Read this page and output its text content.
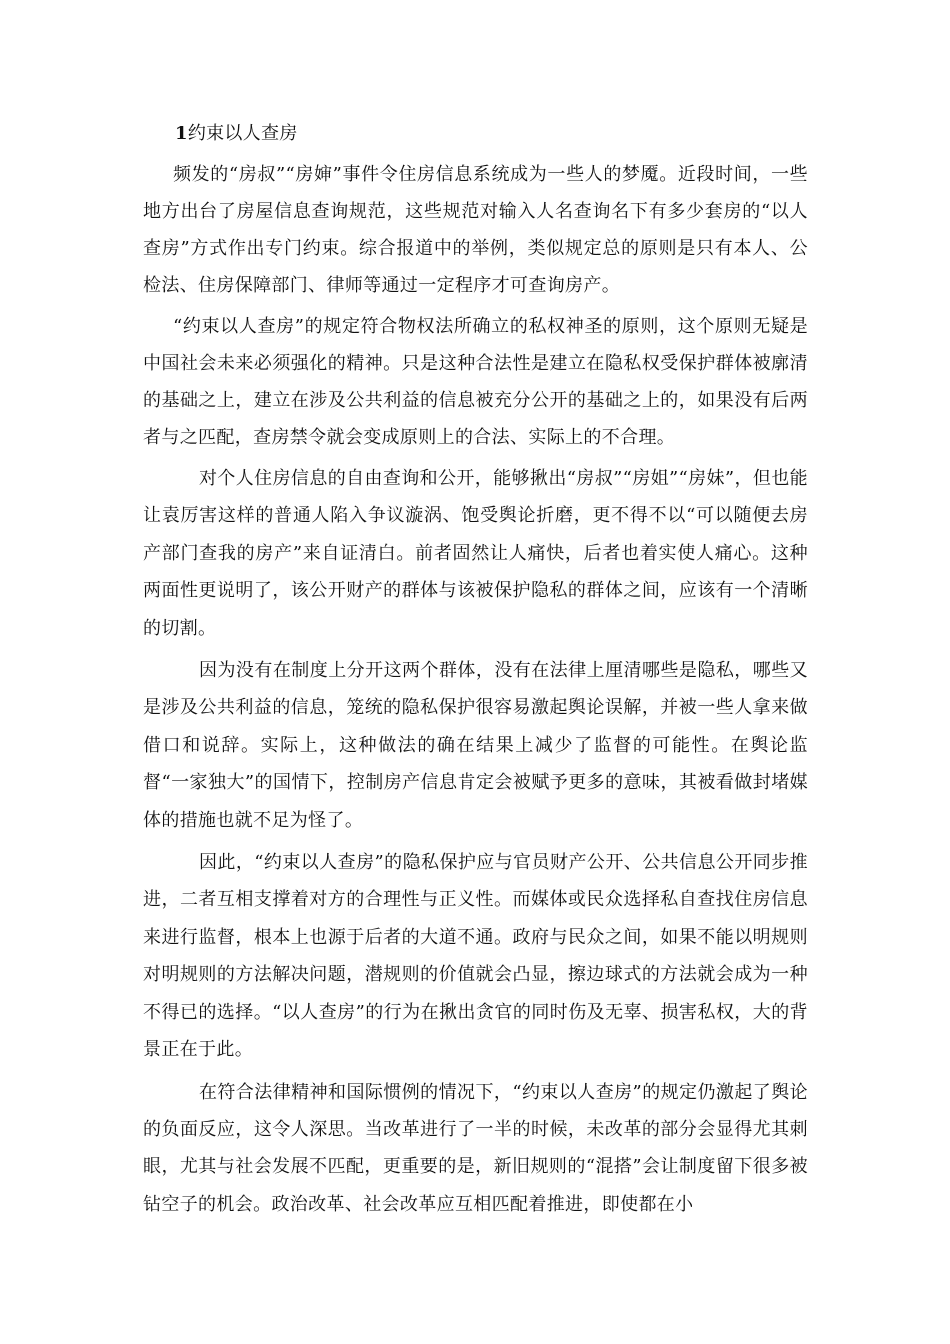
1约束以人查房

频发的“房叔”“房婶”事件令住房信息系统成为一些人的梦魇。近段时间，一些地方出台了房屋信息查询规范，这些规范对输入人名查询名下有多少套房的“以人查房”方式作出专门约束。综合报道中的举例，类似规定总的原则是只有本人、公检法、住房保障部门、律师等通过一定程序才可查询房产。

“约束以人查房”的规定符合物权法所确立的私权神圣的原则，这个原则无疑是中国社会未来必须强化的精神。只是这种合法性是建立在隐私权受保护群体被廓清的基础之上，建立在涉及公共利益的信息被充分公开的基础之上的，如果没有后两者与之匹配，查房禁令就会变成原则上的合法、实际上的不合理。

对个人住房信息的自由查询和公开，能够揪出“房叔”“房姐”“房妹”，但也能让袁厉害这样的普通人陷入争议漩涡、饱受舆论折磨，更不得不以“可以随便去房产部门查我的房产”来自证清白。前者固然让人痛快，后者也着实使人痛心。这种两面性更说明了，该公开财产的群体与该被保护隐私的群体之间，应该有一个清晰的切割。

因为没有在制度上分开这两个群体，没有在法律上厘清哪些是隐私，哪些又是涉及公共利益的信息，笼统的隐私保护很容易激起舆论误解，并被一些人拿来做借口和说辞。实际上，这种做法的确在结果上减少了监督的可能性。在舆论监督“一家独大”的国情下，控制房产信息肯定会被赋予更多的意味，其被看做封堵媒体的措施也就不足为怪了。

因此，“约束以人查房”的隐私保护应与官员财产公开、公共信息公开同步推进，二者互相支撑着对方的合理性与正义性。而媒体或民众选择私自查找住房信息来进行监督，根本上也源于后者的大道不通。政府与民众之间，如果不能以明规则对明规则的方法解决问题，潜规则的价值就会凸显，擦边球式的方法就会成为一种不得已的选择。“以人查房”的行为在揪出贪官的同时伤及无辜、损害私权，大的背景正在于此。

在符合法律精神和国际惯例的情况下，“约束以人查房”的规定仍激起了舆论的负面反应，这令人深思。当改革进行了一半的时候，未改革的部分会显得尤其刺眼，尤其与社会发展不匹配，更重要的是，新旧规则的“混搭”会让制度留下很多被钻空子的机会。政治改革、社会改革应互相匹配着推进，即使都在小
